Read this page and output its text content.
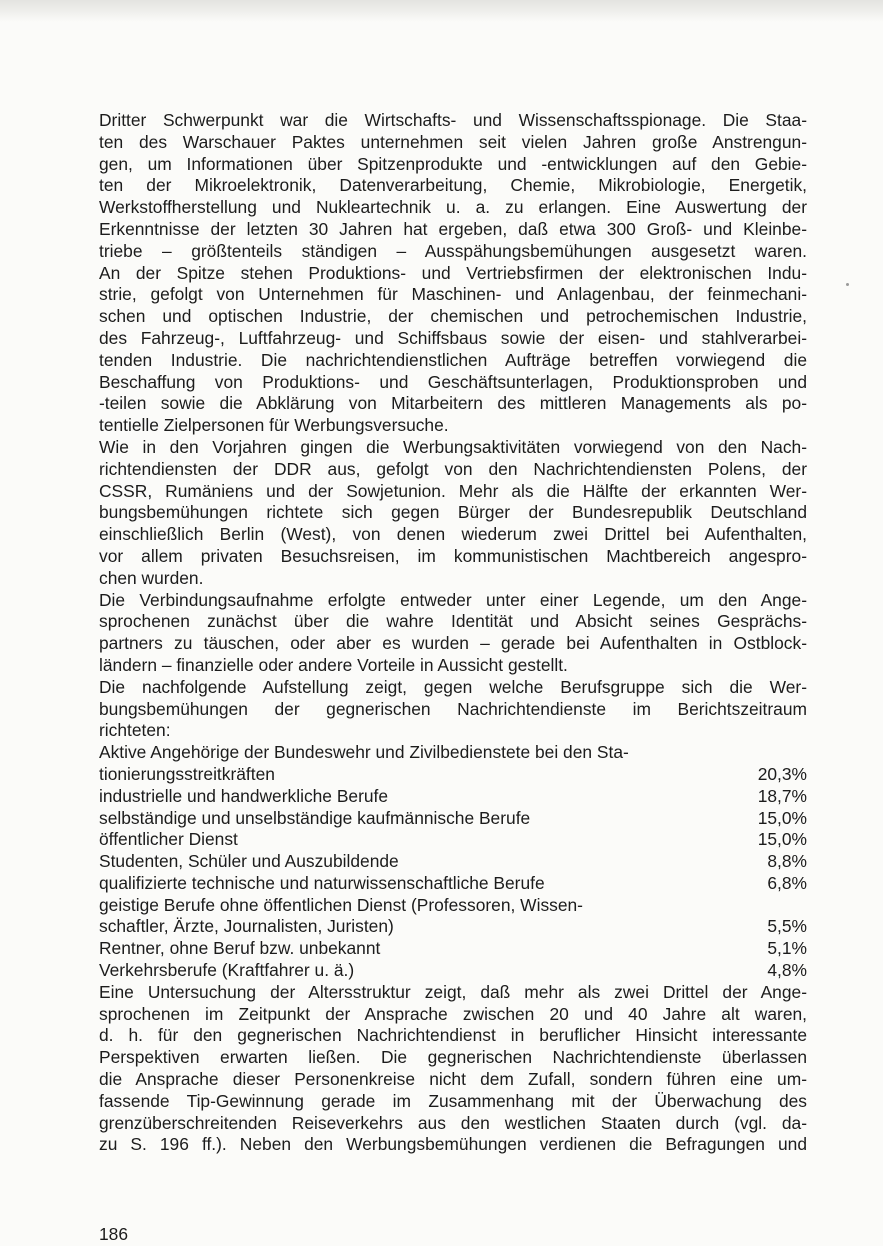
Dritter Schwerpunkt war die Wirtschafts- und Wissenschaftsspionage. Die Staa-
ten des Warschauer Paktes unternehmen seit vielen Jahren große Anstrengun-
gen, um Informationen über Spitzenprodukte und -entwicklungen auf den Gebie-
ten der Mikroelektronik, Datenverarbeitung, Chemie, Mikrobiologie, Energetik,
Werkstoffherstellung und Nukleartechnik u. a. zu erlangen. Eine Auswertung der
Erkenntnisse der letzten 30 Jahren hat ergeben, daß etwa 300 Groß- und Kleinbe-
triebe – größtenteils ständigen – Ausspähungsbemühungen ausgesetzt waren.
An der Spitze stehen Produktions- und Vertriebsfirmen der elektronischen Indu-
strie, gefolgt von Unternehmen für Maschinen- und Anlagenbau, der feinmechani-
schen und optischen Industrie, der chemischen und petrochemischen Industrie,
des Fahrzeug-, Luftfahrzeug- und Schiffsbaus sowie der eisen- und stahlverarbei-
tenden Industrie. Die nachrichtendienstlichen Aufträge betreffen vorwiegend die
Beschaffung von Produktions- und Geschäftsunterlagen, Produktionsproben und
-teilen sowie die Abklärung von Mitarbeitern des mittleren Managements als po-
tentielle Zielpersonen für Werbungsversuche.
Wie in den Vorjahren gingen die Werbungsaktivitäten vorwiegend von den Nach-
richtendiensten der DDR aus, gefolgt von den Nachrichtendiensten Polens, der
CSSR, Rumäniens und der Sowjetunion. Mehr als die Hälfte der erkannten Wer-
bungsbemühungen richtete sich gegen Bürger der Bundesrepublik Deutschland
einschließlich Berlin (West), von denen wiederum zwei Drittel bei Aufenthalten,
vor allem privaten Besuchsreisen, im kommunistischen Machtbereich angespro-
chen wurden.
Die Verbindungsaufnahme erfolgte entweder unter einer Legende, um den Ange-
sprochenen zunächst über die wahre Identität und Absicht seines Gesprächs-
partners zu täuschen, oder aber es wurden – gerade bei Aufenthalten in Ostblock-
ländern – finanzielle oder andere Vorteile in Aussicht gestellt.
Die nachfolgende Aufstellung zeigt, gegen welche Berufsgruppe sich die Wer-
bungsbemühungen der gegnerischen Nachrichtendienste im Berichtszeitraum
richteten:
Aktive Angehörige der Bundeswehr und Zivilbedienstete bei den Sta-
tionierungsstreitkräften	20,3%
industrielle und handwerkliche Berufe	18,7%
selbständige und unselbständige kaufmännische Berufe	15,0%
öffentlicher Dienst	15,0%
Studenten, Schüler und Auszubildende	8,8%
qualifizierte technische und naturwissenschaftliche Berufe	6,8%
geistige Berufe ohne öffentlichen Dienst (Professoren, Wissen-
schaftler, Ärzte, Journalisten, Juristen)	5,5%
Rentner, ohne Beruf bzw. unbekannt	5,1%
Verkehrsberufe (Kraftfahrer u. ä.)	4,8%
Eine Untersuchung der Altersstruktur zeigt, daß mehr als zwei Drittel der Ange-
sprochenen im Zeitpunkt der Ansprache zwischen 20 und 40 Jahre alt waren,
d. h. für den gegnerischen Nachrichtendienst in beruflicher Hinsicht interessante
Perspektiven erwarten ließen. Die gegnerischen Nachrichtendienste überlassen
die Ansprache dieser Personenkreise nicht dem Zufall, sondern führen eine um-
fassende Tip-Gewinnung gerade im Zusammenhang mit der Überwachung des
grenzüberschreitenden Reiseverkehrs aus den westlichen Staaten durch (vgl. da-
zu S. 196 ff.). Neben den Werbungsbemühungen verdienen die Befragungen und
186
